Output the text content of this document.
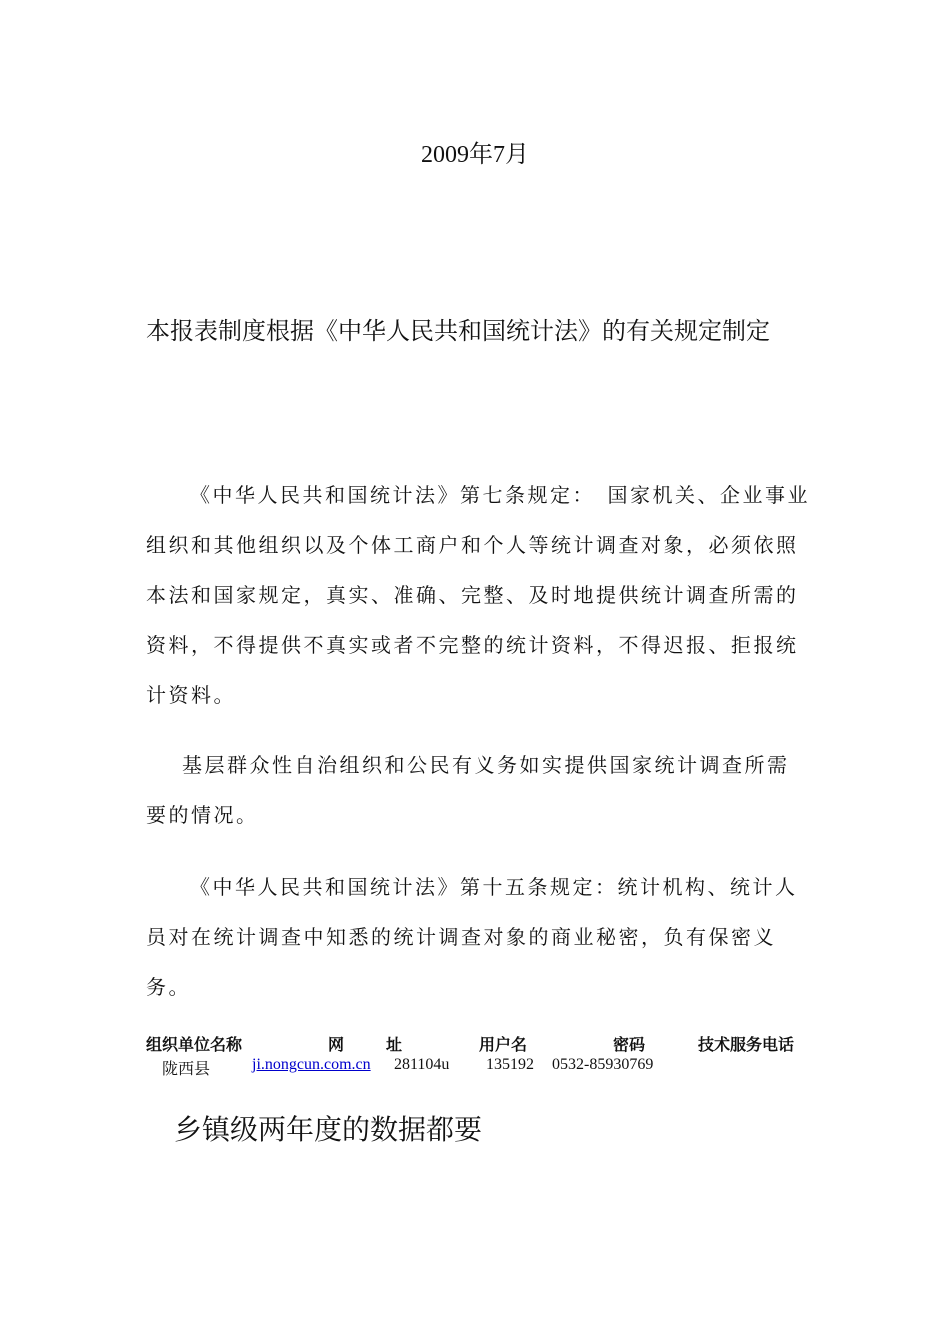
2009年7月
本报表制度根据《中华人民共和国统计法》的有关规定制定
《中华人民共和国统计法》第七条规定：　国家机关、企业事业组织和其他组织以及个体工商户和个人等统计调查对象，必须依照本法和国家规定，真实、准确、完整、及时地提供统计调查所需的资料，不得提供不真实或者不完整的统计资料，不得迟报、拒报统计资料。
基层群众性自治组织和公民有义务如实提供国家统计调查所需要的情况。
《中华人民共和国统计法》第十五条规定：统计机构、统计人员对在统计调查中知悉的统计调查对象的商业秘密，负有保密义务。
组织单位名称	网	址	用户名	密码	技术服务电话
陇西县	ji.nongcun.com.cn 281104u 135192 0532-85930769
乡镇级两年度的数据都要
